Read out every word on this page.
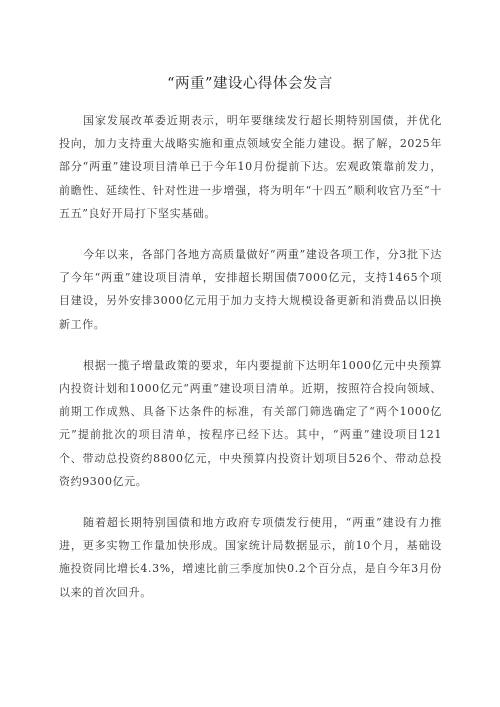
“两重”建设心得体会发言

国家发展改革委近期表示，明年要继续发行超长期特别国债，并优化投向，加力支持重大战略实施和重点领域安全能力建设。据了解，2025年部分“两重”建设项目清单已于今年10月份提前下达。宏观政策靠前发力，前瞻性、延续性、针对性进一步增强，将为明年“十四五”顺利收官乃至“十五五”良好开局打下坚实基础。

今年以来，各部门各地方高质量做好“两重”建设各项工作，分3批下达了今年“两重”建设项目清单，安排超长期国债7000亿元，支持1465个项目建设，另外安排3000亿元用于加力支持大规模设备更新和消费品以旧换新工作。

根据一揽子增量政策的要求，年内要提前下达明年1000亿元中央预算内投资计划和1000亿元“两重”建设项目清单。近期，按照符合投向领域、前期工作成熟、具备下达条件的标准，有关部门筛选确定了“两个1000亿元”提前批次的项目清单，按程序已经下达。其中，“两重”建设项目121个、带动总投资约8800亿元，中央预算内投资计划项目526个、带动总投资约9300亿元。

随着超长期特别国债和地方政府专项债发行使用，“两重”建设有力推进，更多实物工作量加快形成。国家统计局数据显示，前10个月，基础设施投资同比增长4.3%，增速比前三季度加快0.2个百分点，是自今年3月份以来的首次回升。
